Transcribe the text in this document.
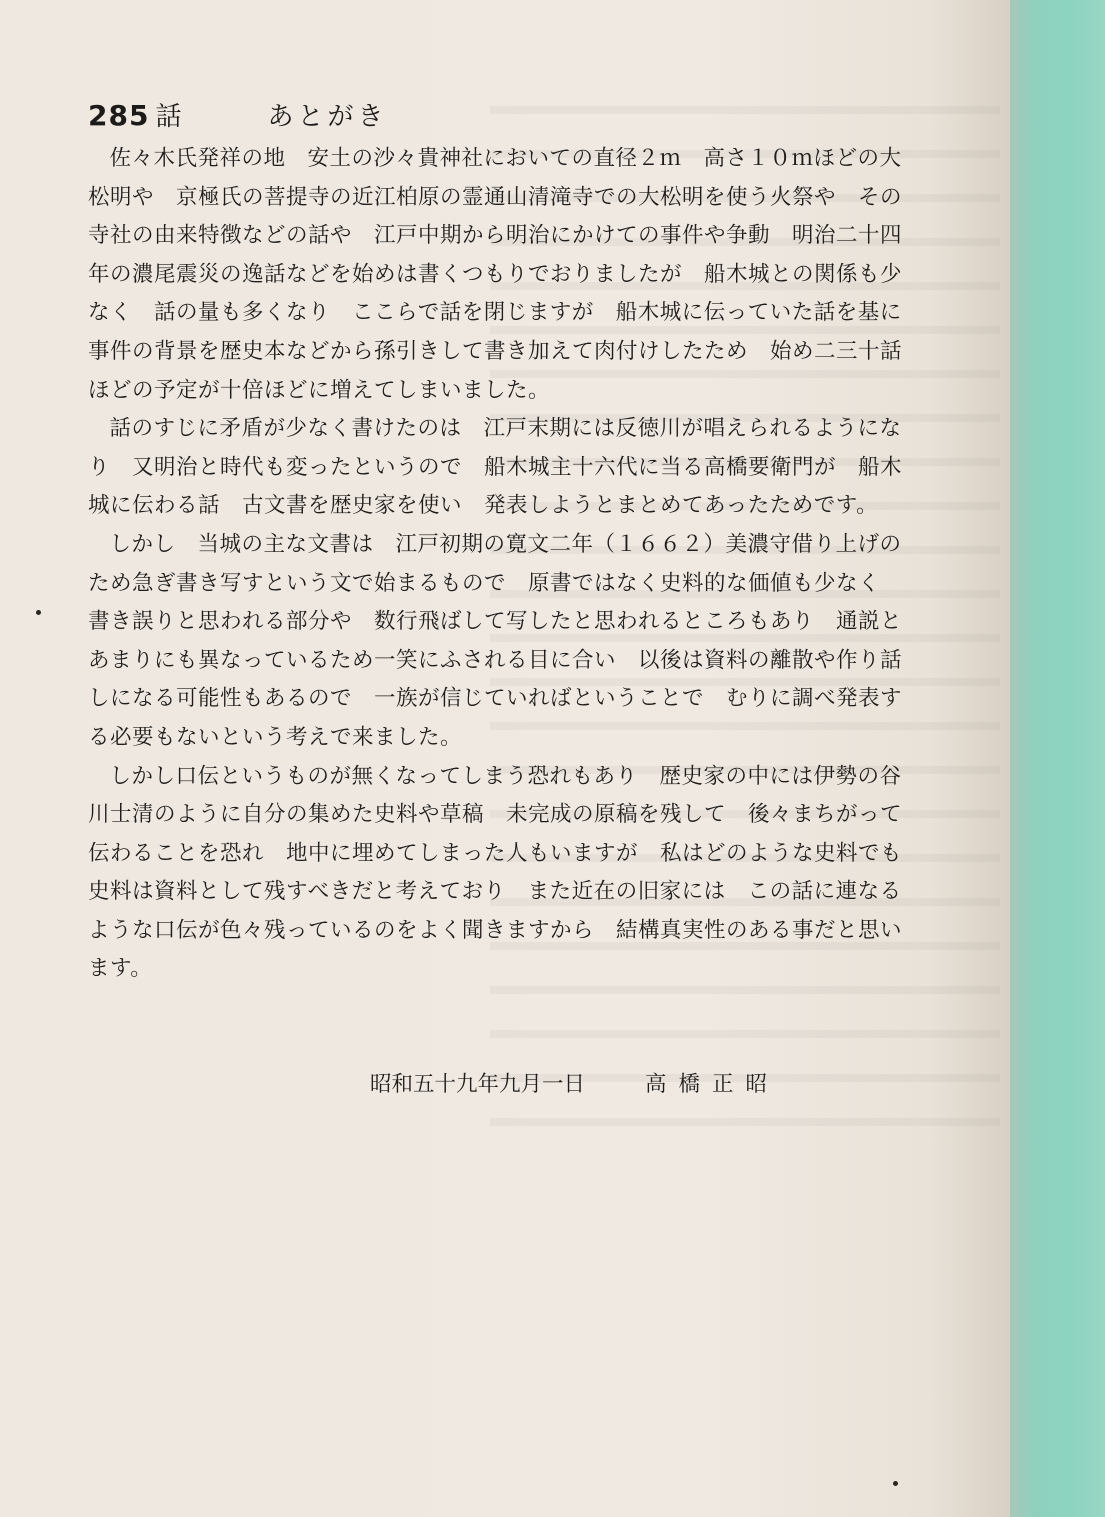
285 話	あとがき

佐々木氏発祥の地　安土の沙々貴神社においての直径２ｍ　高さ１０ｍほどの大松明や　京極氏の菩提寺の近江柏原の霊通山清滝寺での大松明を使う火祭や　その寺社の由来特徴などの話や　江戸中期から明治にかけての事件や争動　明治二十四年の濃尾震災の逸話などを始めは書くつもりでおりましたが　船木城との関係も少なく　話の量も多くなり　ここらで話を閉じますが　船木城に伝っていた話を基に　事件の背景を歴史本などから孫引きして書き加えて肉付けしたため　始め二三十話ほどの予定が十倍ほどに増えてしまいました。

話のすじに矛盾が少なく書けたのは　江戸末期には反徳川が唱えられるようになり　又明治と時代も変ったというので　船木城主十六代に当る高橋要衛門が　船木城に伝わる話　古文書を歴史家を使い　発表しようとまとめてあったためです。

しかし　当城の主な文書は　江戸初期の寛文二年（１６６２）美濃守借り上げのため急ぎ書き写すという文で始まるもので　原書ではなく史料的な価値も少なく　書き誤りと思われる部分や　数行飛ばして写したと思われるところもあり　通説とあまりにも異なっているため一笑にふされる目に合い　以後は資料の離散や作り話しになる可能性もあるので　一族が信じていればということで　むりに調べ発表する必要もないという考えで来ました。

しかし口伝というものが無くなってしまう恐れもあり　歴史家の中には伊勢の谷川士清のように自分の集めた史料や草稿　未完成の原稿を残して　後々まちがって伝わることを恐れ　地中に埋めてしまった人もいますが　私はどのような史料でも史料は資料として残すべきだと考えており　また近在の旧家には　この話に連なるような口伝が色々残っているのをよく聞きますから　結構真実性のある事だと思います。

昭和五十九年九月一日	高橋正昭
